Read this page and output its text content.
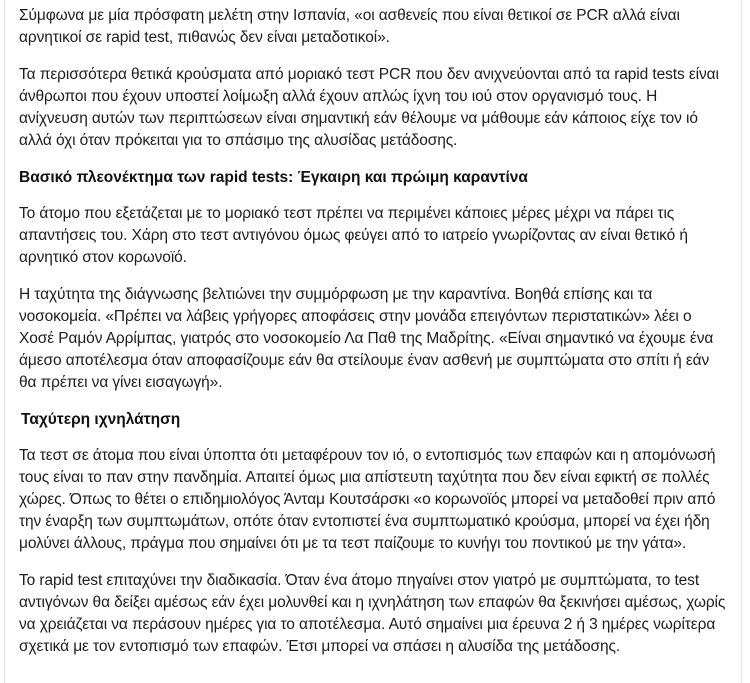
Σύμφωνα με μία πρόσφατη μελέτη στην Ισπανία, «οι ασθενείς που είναι θετικοί σε PCR αλλά είναι αρνητικοί σε rapid test, πιθανώς δεν είναι μεταδοτικοί».

Τα περισσότερα θετικά κρούσματα από μοριακό τεστ PCR που δεν ανιχνεύονται από τα rapid tests είναι άνθρωποι που έχουν υποστεί λοίμωξη αλλά έχουν απλώς ίχνη του ιού στον οργανισμό τους. Η ανίχνευση αυτών των περιπτώσεων είναι σημαντική εάν θέλουμε να μάθουμε εάν κάποιος είχε τον ιό αλλά όχι όταν πρόκειται για το σπάσιμο της αλυσίδας μετάδοσης.

Βασικό πλεονέκτημα των rapid tests: Έγκαιρη και πρώιμη καραντίνα

Το άτομο που εξετάζεται με το μοριακό τεστ πρέπει να περιμένει κάποιες μέρες μέχρι να πάρει τις απαντήσεις του. Χάρη στο τεστ αντιγόνου όμως φεύγει από το ιατρείο γνωρίζοντας αν είναι θετικό ή αρνητικό στον κορωνοϊό.

Η ταχύτητα της διάγνωσης βελτιώνει την συμμόρφωση με την καραντίνα. Βοηθά επίσης και τα νοσοκομεία. «Πρέπει να λάβεις γρήγορες αποφάσεις στην μονάδα επειγόντων περιστατικών» λέει ο Χοσέ Ραμόν Αρρίμπας, γιατρός στο νοσοκομείο Λα Παθ της Μαδρίτης. «Είναι σημαντικό να έχουμε ένα άμεσο αποτέλεσμα όταν αποφασίζουμε εάν θα στείλουμε έναν ασθενή με συμπτώματα στο σπίτι ή εάν θα πρέπει να γίνει εισαγωγή».

Ταχύτερη ιχνηλάτηση

Τα τεστ σε άτομα που είναι ύποπτα ότι μεταφέρουν τον ιό, ο εντοπισμός των επαφών και η απομόνωσή τους είναι το παν στην πανδημία. Απαιτεί όμως μια απίστευτη ταχύτητα που δεν είναι εφικτή σε πολλές χώρες. Όπως το θέτει ο επιδημιολόγος Άνταμ Κουτσάρσκι «ο κορωνοϊός μπορεί να μεταδοθεί πριν από την έναρξη των συμπτωμάτων, οπότε όταν εντοπιστεί ένα συμπτωματικό κρούσμα, μπορεί να έχει ήδη μολύνει άλλους, πράγμα που σημαίνει ότι με τα τεστ παίζουμε το κυνήγι του ποντικού με την γάτα».

Το rapid test επιταχύνει την διαδικασία. Όταν ένα άτομο πηγαίνει στον γιατρό με συμπτώματα, το test αντιγόνων θα δείξει αμέσως εάν έχει μολυνθεί και η ιχνηλάτηση των επαφών θα ξεκινήσει αμέσως, χωρίς να χρειάζεται να περάσουν ημέρες για το αποτέλεσμα. Αυτό σημαίνει μια έρευνα 2 ή 3 ημέρες νωρίτερα σχετικά με τον εντοπισμό των επαφών. Έτσι μπορεί να σπάσει η αλυσίδα της μετάδοσης.
